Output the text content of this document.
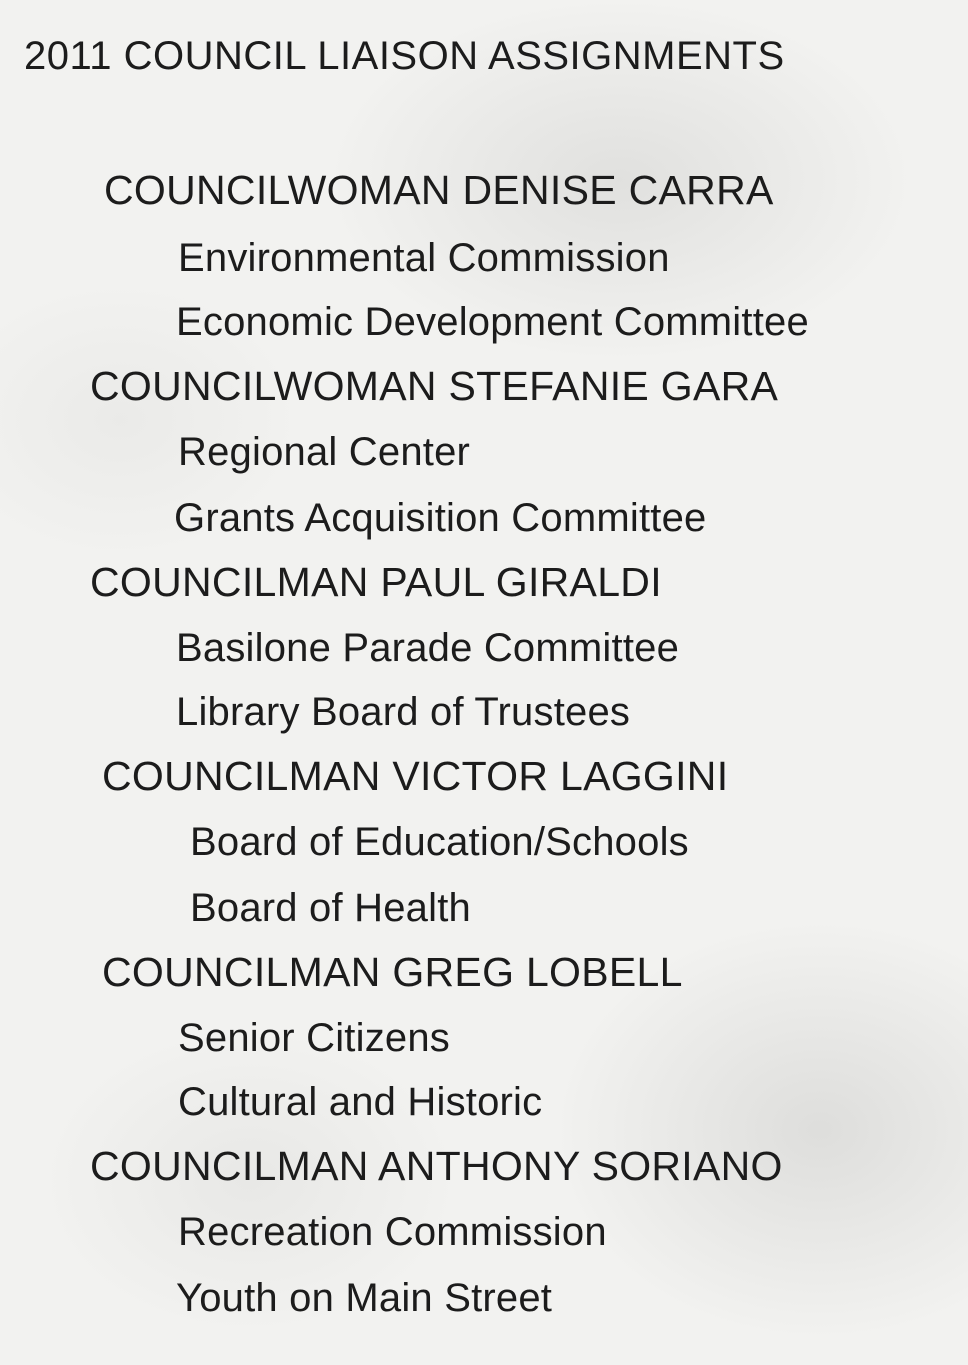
2011 COUNCIL LIAISON ASSIGNMENTS
COUNCILWOMAN DENISE CARRA
Environmental Commission
Economic Development Committee
COUNCILWOMAN STEFANIE GARA
Regional Center
Grants Acquisition Committee
COUNCILMAN PAUL GIRALDI
Basilone Parade Committee
Library Board of Trustees
COUNCILMAN VICTOR LAGGINI
Board of Education/Schools
Board of Health
COUNCILMAN GREG LOBELL
Senior Citizens
Cultural and Historic
COUNCILMAN ANTHONY SORIANO
Recreation Commission
Youth on Main Street
